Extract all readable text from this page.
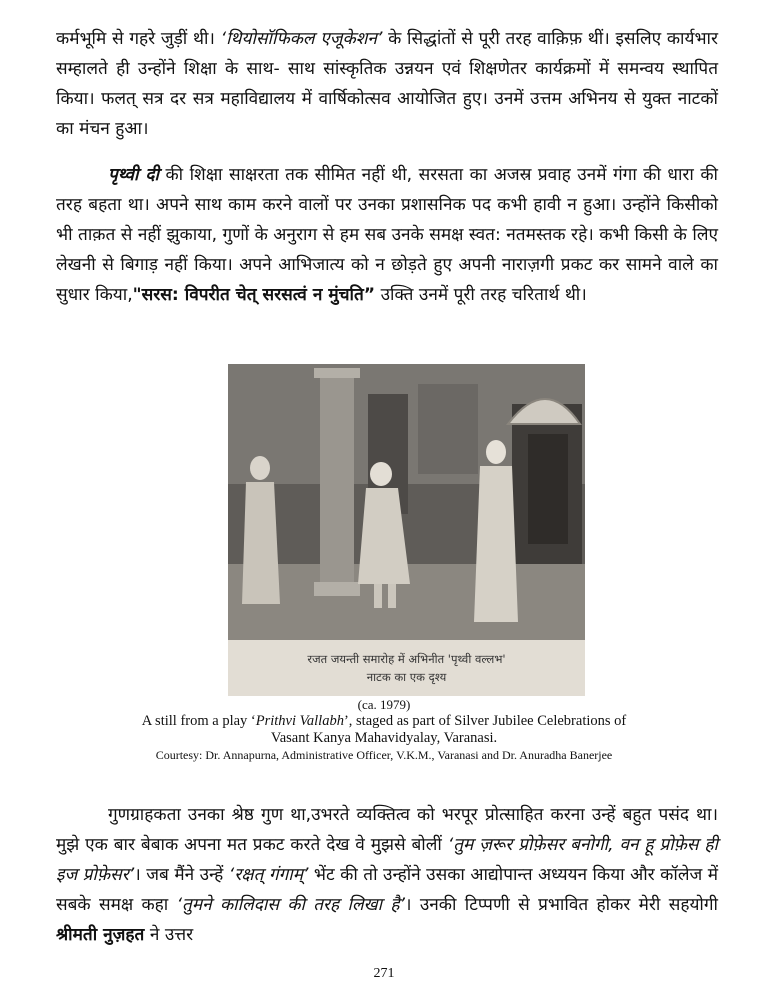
कर्मभूमि से गहरे जुड़ीं थी। ‘थियोसॉफिकल एजूकेशन’ के सिद्धांतों से पूरी तरह वाक़िफ़ थीं। इसलिए कार्यभार सम्हालते ही उन्होंने शिक्षा के साथ- साथ सांस्कृतिक उन्नयन एवं शिक्षणेतर कार्यक्रमों में समन्वय स्थापित किया। फलत् सत्र दर सत्र महाविद्यालय में वार्षिकोत्सव आयोजित हुए। उनमें उत्तम अभिनय से युक्त नाटकों का मंचन हुआ।

पृथ्वी दी की शिक्षा साक्षरता तक सीमित नहीं थी, सरसता का अजस्र प्रवाह उनमें गंगा की धारा की तरह बहता था। अपने साथ काम करने वालों पर उनका प्रशासनिक पद कभी हावी न हुआ। उन्होंने किसीको भी ताक़त से नहीं झुकाया, गुणों के अनुराग से हम सब उनके समक्ष स्वत: नतमस्तक रहे। कभी किसी के लिए लेखनी से बिगाड़ नहीं किया। अपने आभिजात्य को न छोड़ते हुए अपनी नाराज़गी प्रकट कर सामने वाले का सुधार किया,"सरस: विपरीत चेत् सरसत्वं न मुंचति” उक्ति उनमें पूरी तरह चरितार्थ थी।

रजत जयन्ती समारोह में अभिनीत 'पृथ्वी वल्लभ'
नाटक का एक दृश्य
(ca. 1979)
A still from a play ‘Prithvi Vallabh’, staged as part of Silver Jubilee Celebrations of
Vasant Kanya Mahavidyalay, Varanasi.
Courtesy: Dr. Annapurna, Administrative Officer, V.K.M., Varanasi and Dr. Anuradha Banerjee

गुणग्राहकता उनका श्रेष्ठ गुण था,उभरते व्यक्तित्व को भरपूर प्रोत्साहित करना उन्हें बहुत पसंद था। मुझे एक बार बेबाक अपना मत प्रकट करते देख वे मुझसे बोलीं ‘तुम ज़रूर प्रोफ़ेसर बनोगी, वन हू प्रोफ़ेस ही इज प्रोफ़ेसर’। जब मैंने उन्हें ‘रक्षत् गंगाम्’ भेंट की तो उन्होंने उसका आद्योपान्त अध्ययन किया और कॉलेज में सबके समक्ष कहा ‘तुमने कालिदास की तरह लिखा है’। उनकी टिप्पणी से प्रभावित होकर मेरी सहयोगी श्रीमती नुज़हत ने उत्तर

271
